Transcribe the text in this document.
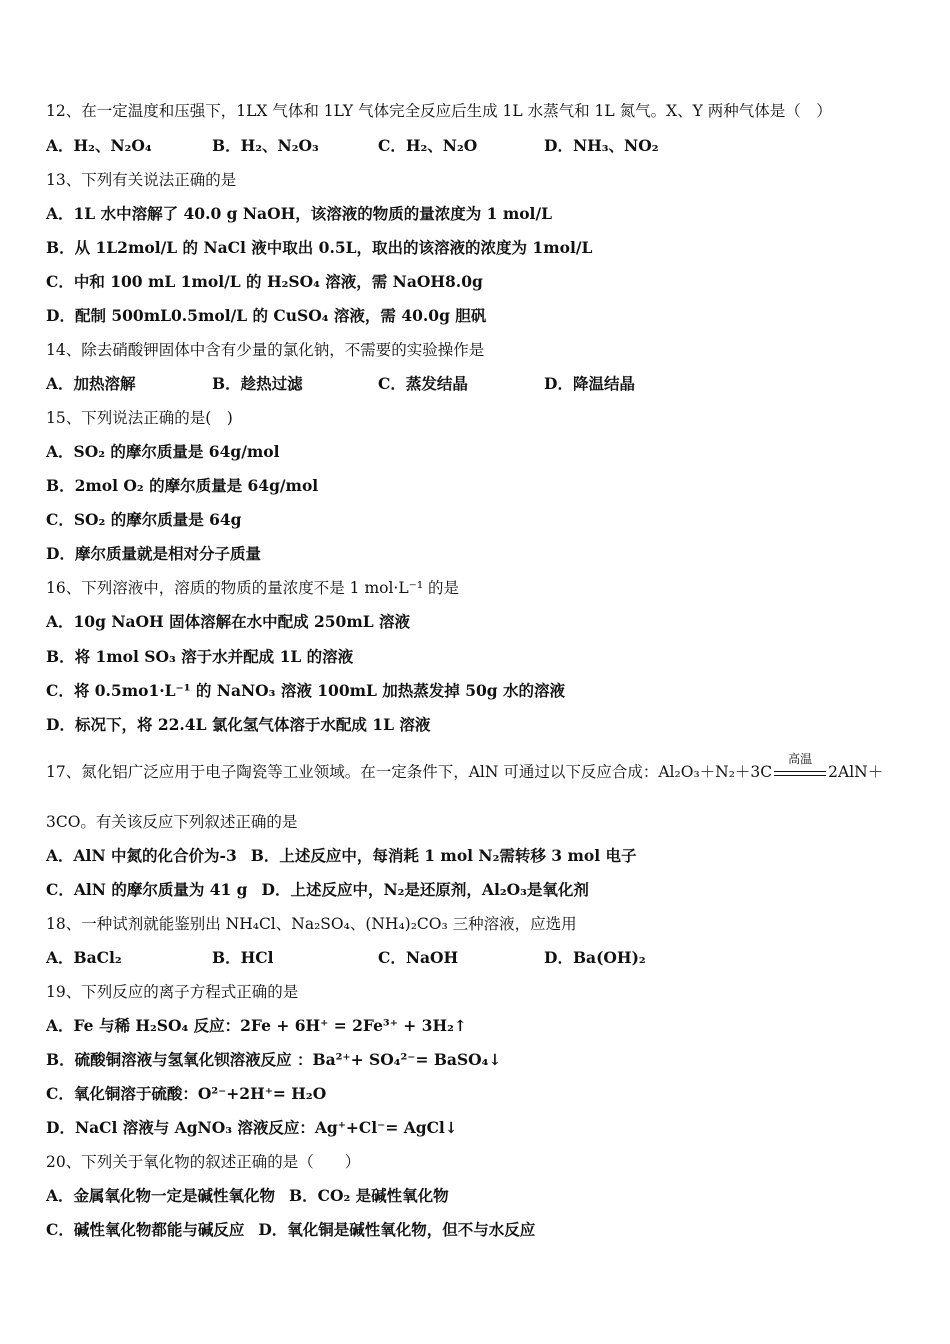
12、在一定温度和压强下，1LX 气体和 1LY 气体完全反应后生成 1L 水蒸气和 1L 氮气。X、Y 两种气体是（　）
A．H₂、N₂O₄	B．H₂、N₂O₃	C．H₂、N₂O	D．NH₃、NO₂
13、下列有关说法正确的是
A．1L 水中溶解了 40.0 g NaOH，该溶液的物质的量浓度为 1 mol/L
B．从 1L2mol/L 的 NaCl 液中取出 0.5L，取出的该溶液的浓度为 1mol/L
C．中和 100 mL 1mol/L 的 H₂SO₄ 溶液，需 NaOH8.0g
D．配制 500mL0.5mol/L 的 CuSO₄ 溶液，需 40.0g 胆矾
14、除去硝酸钾固体中含有少量的氯化钠，不需要的实验操作是
A．加热溶解	B．趁热过滤	C．蒸发结晶	D．降温结晶
15、下列说法正确的是(　)
A．SO₂ 的摩尔质量是 64g/mol
B．2mol O₂ 的摩尔质量是 64g/mol
C．SO₂ 的摩尔质量是 64g
D．摩尔质量就是相对分子质量
16、下列溶液中，溶质的物质的量浓度不是 1 mol·L⁻¹ 的是
A．10g NaOH 固体溶解在水中配成 250mL 溶液
B．将 1mol SO₃ 溶于水并配成 1L 的溶液
C．将 0.5mo1·L⁻¹ 的 NaNO₃ 溶液 100mL 加热蒸发掉 50g 水的溶液
D．标况下，将 22.4L 氯化氢气体溶于水配成 1L 溶液
17、氮化铝广泛应用于电子陶瓷等工业领域。在一定条件下，AlN 可通过以下反应合成：Al₂O₃＋N₂＋3C
高温
2AlN＋
3CO。有关该反应下列叙述正确的是
A．AlN 中氮的化合价为-3 B．上述反应中，每消耗 1 mol N₂需转移 3 mol 电子
C．AlN 的摩尔质量为 41 g D．上述反应中，N₂是还原剂，Al₂O₃是氧化剂
18、一种试剂就能鉴别出 NH₄Cl、Na₂SO₄、(NH₄)₂CO₃ 三种溶液，应选用
A．BaCl₂	B．HCl	C．NaOH	D．Ba(OH)₂
19、下列反应的离子方程式正确的是
A．Fe 与稀 H₂SO₄ 反应：2Fe + 6H⁺ = 2Fe³⁺ + 3H₂↑
B．硫酸铜溶液与氢氧化钡溶液反应 ：Ba²⁺+ SO₄²⁻= BaSO₄↓
C．氧化铜溶于硫酸：O²⁻+2H⁺= H₂O
D．NaCl 溶液与 AgNO₃ 溶液反应：Ag⁺+Cl⁻= AgCl↓
20、下列关于氧化物的叙述正确的是（　　）
A．金属氧化物一定是碱性氧化物 B．CO₂ 是碱性氧化物
C．碱性氧化物都能与碱反应 D．氧化铜是碱性氧化物，但不与水反应
